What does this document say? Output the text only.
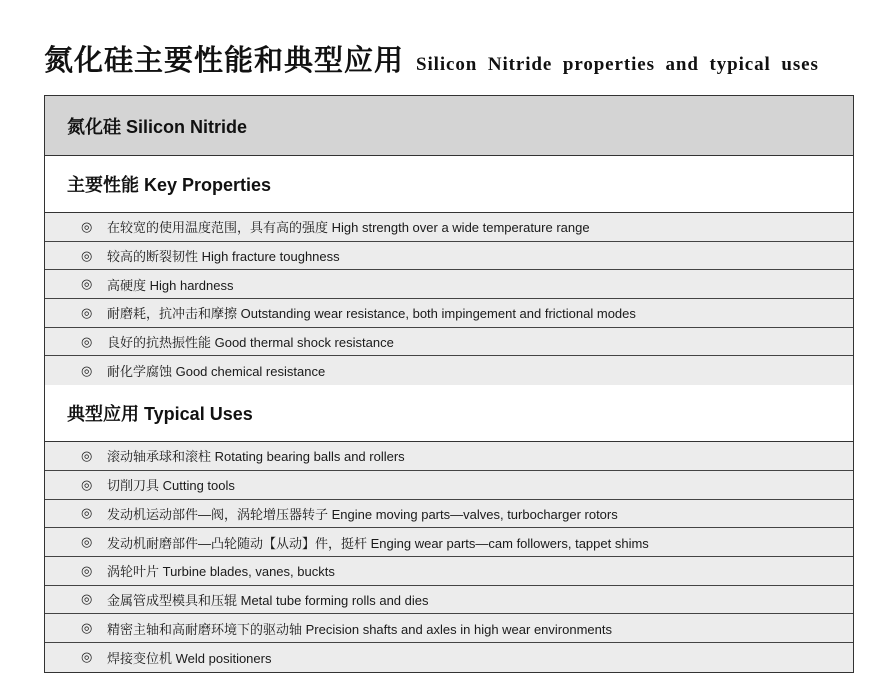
氮化硅主要性能和典型应用 Silicon Nitride properties and typical uses
氮化硅 Silicon Nitride
主要性能 Key Properties
◎	在较宽的使用温度范围，具有高的强度 High strength over a wide temperature range
◎	较高的断裂韧性 High fracture toughness
◎	高硬度 High hardness
◎	耐磨耗，抗冲击和摩擦 Outstanding wear resistance, both impingement and frictional modes
◎	良好的抗热振性能 Good thermal shock resistance
◎	耐化学腐蚀 Good chemical resistance
典型应用 Typical Uses
◎	滚动轴承球和滚柱 Rotating bearing balls and rollers
◎	切削刀具 Cutting tools
◎	发动机运动部件—阀，涡轮增压器转子 Engine moving parts—valves, turbocharger rotors
◎	发动机耐磨部件—凸轮随动【从动】件，挺杆 Enging wear parts—cam followers, tappet shims
◎	涡轮叶片 Turbine blades, vanes, buckts
◎	金属管成型模具和压辊 Metal tube forming rolls and dies
◎	精密主轴和高耐磨环境下的驱动轴 Precision shafts and axles in high wear environments
◎	焊接变位机 Weld positioners
